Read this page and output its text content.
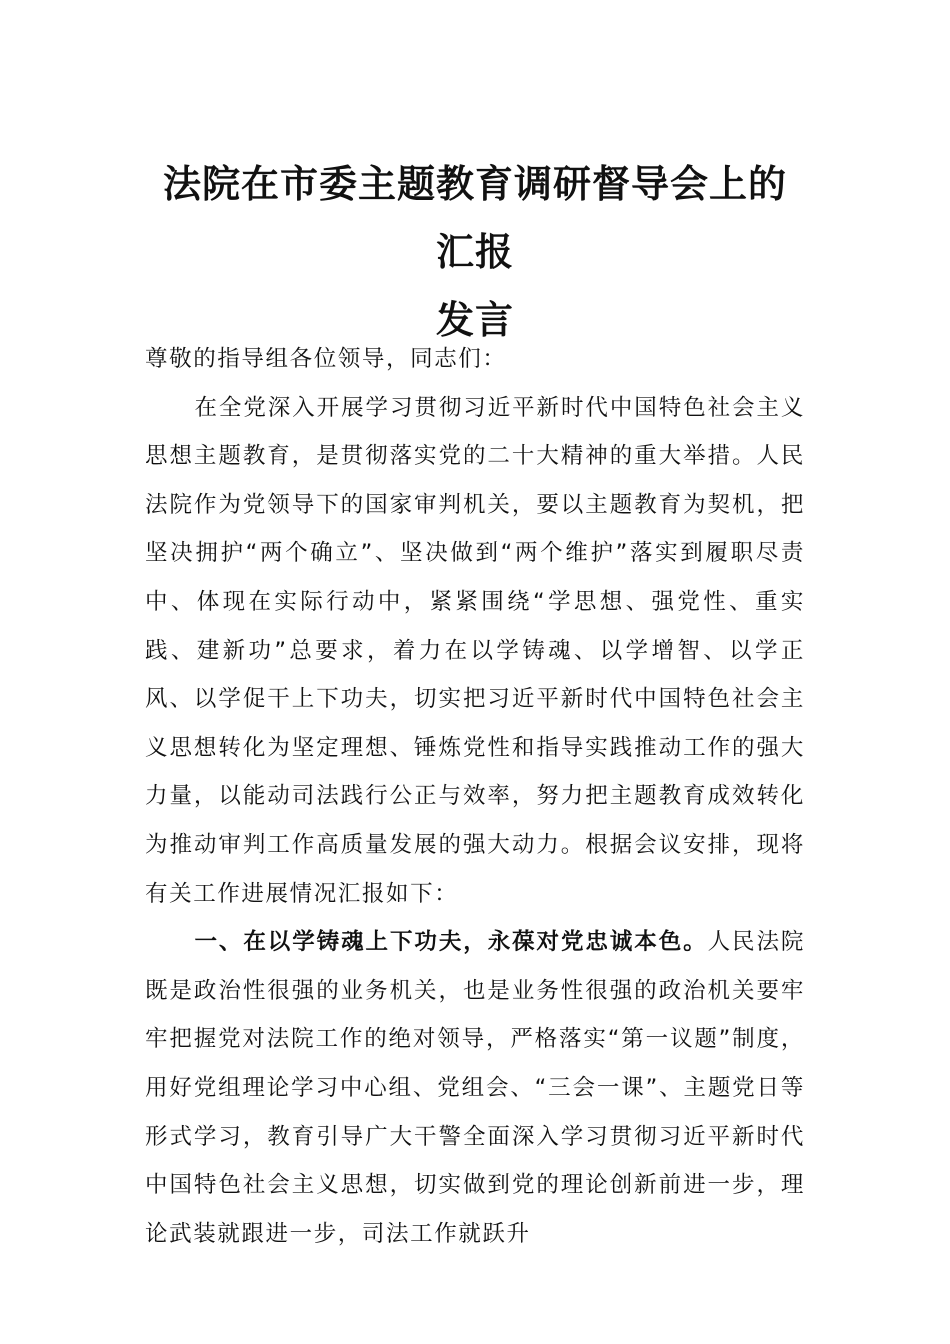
法院在市委主题教育调研督导会上的汇报
发言

尊敬的指导组各位领导，同志们：

在全党深入开展学习贯彻习近平新时代中国特色社会主义思想主题教育，是贯彻落实党的二十大精神的重大举措。人民法院作为党领导下的国家审判机关，要以主题教育为契机，把坚决拥护“两个确立”、坚决做到“两个维护”落实到履职尽责中、体现在实际行动中，紧紧围绕“学思想、强党性、重实践、建新功”总要求，着力在以学铸魂、以学增智、以学正风、以学促干上下功夫，切实把习近平新时代中国特色社会主义思想转化为坚定理想、锤炼党性和指导实践推动工作的强大力量，以能动司法践行公正与效率，努力把主题教育成效转化为推动审判工作高质量发展的强大动力。根据会议安排，现将有关工作进展情况汇报如下：

一、在以学铸魂上下功夫，永葆对党忠诚本色。人民法院既是政治性很强的业务机关，也是业务性很强的政治机关要牢牢把握党对法院工作的绝对领导，严格落实“第一议题”制度，用好党组理论学习中心组、党组会、“三会一课”、主题党日等形式学习，教育引导广大干警全面深入学习贯彻习近平新时代中国特色社会主义思想，切实做到党的理论创新前进一步，理论武装就跟进一步，司法工作就跃升
